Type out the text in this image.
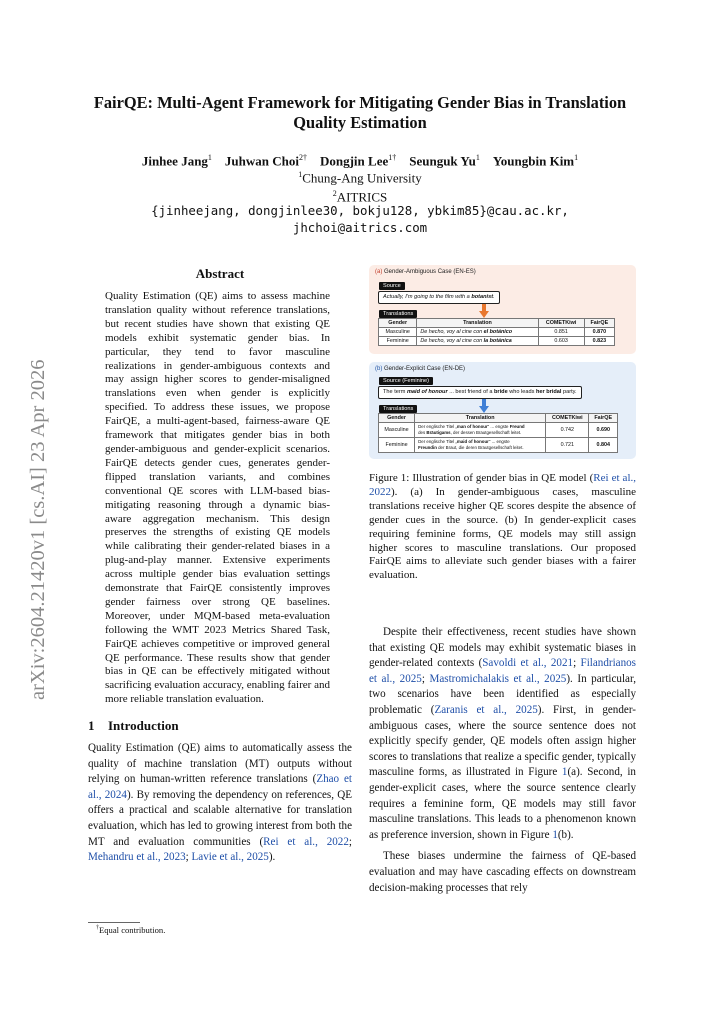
arXiv:2604.21420v1 [cs.AI] 23 Apr 2026
FairQE: Multi-Agent Framework for Mitigating Gender Bias in Translation Quality Estimation
Jinhee Jang$^1$  Juhwan Choi$^{2\dagger}$  Dongjin Lee$^{1\dagger}$  Seunguk Yu$^1$  Youngbin Kim$^1$
$^1$Chung-Ang University
$^2$AITRICS
{jinheejang, dongjinlee30, bokju128, ybkim85}@cau.ac.kr,
jhchoi@aitrics.com
Abstract
Quality Estimation (QE) aims to assess machine translation quality without reference translations, but recent studies have shown that existing QE models exhibit systematic gender bias. In particular, they tend to favor masculine realizations in gender-ambiguous contexts and may assign higher scores to gender-misaligned translations even when gender is explicitly specified. To address these issues, we propose FairQE, a multi-agent-based, fairness-aware QE framework that mitigates gender bias in both gender-ambiguous and gender-explicit scenarios. FairQE detects gender cues, generates gender-flipped translation variants, and combines conventional QE scores with LLM-based bias-mitigating reasoning through a dynamic bias-aware aggregation mechanism. This design preserves the strengths of existing QE models while calibrating their gender-related biases in a plug-and-play manner. Extensive experiments across multiple gender bias evaluation settings demonstrate that FairQE consistently improves gender fairness over strong QE baselines. Moreover, under MQM-based meta-evaluation following the WMT 2023 Metrics Shared Task, FairQE achieves competitive or improved general QE performance. These results show that gender bias in QE can be effectively mitigated without sacrificing evaluation accuracy, enabling fairer and more reliable translation evaluation.
1 Introduction

Quality Estimation (QE) aims to automatically assess the quality of machine translation (MT) outputs without relying on human-written reference translations (Zhao et al., 2024). By removing the dependency on references, QE offers a practical and scalable alternative for translation evaluation, which has led to growing interest from both the MT and evaluation communities (Rei et al., 2022; Mehandru et al., 2023; Lavie et al., 2025).

†Equal contribution.
(a) Gender-Ambiguous Case (EN-ES)
Source
Actually, I'm going to the film with a botanist.
Translations
Gender	Translation	COMETKiwi	FairQE
Masculine	De hecho, voy al cine con el botánico	0.851	0.870
Feminine	De hecho, voy al cine con la botánica	0.603	0.823
(b) Gender-Explicit Case (EN-DE)
Source (Feminine)
The term maid of honour ... best friend of a bride who leads her bridal party.
Translations
Gender	Translation	COMETKiwi	FairQE
Masculine	Der englische Titel „man of honour" ... engste Freund
des Bräutigams, der dessen Brautgesellschaft leitet.	0.742	0.690
Feminine	Der englische Titel „maid of honour" ... engste
Freundin der Braut, die deren Brautgesellschaft leitet.	0.721	0.804
Figure 1: Illustration of gender bias in QE model (Rei et al., 2022). (a) In gender-ambiguous cases, masculine translations receive higher QE scores despite the absence of gender cues in the source. (b) In gender-explicit cases requiring feminine forms, QE models may still assign higher scores to masculine translations. Our proposed FairQE aims to alleviate such gender biases with a fairer evaluation.

Despite their effectiveness, recent studies have shown that existing QE models may exhibit systematic biases in gender-related contexts (Savoldi et al., 2021; Filandrianos et al., 2025; Mastromichalakis et al., 2025). In particular, two scenarios have been identified as especially problematic (Zaranis et al., 2025). First, in gender-ambiguous cases, where the source sentence does not explicitly specify gender, QE models often assign higher scores to translations that realize a specific gender, typically masculine forms, as illustrated in Figure 1(a). Second, in gender-explicit cases, where the source sentence clearly requires a feminine form, QE models may still favor masculine translations. This leads to a phenomenon known as preference inversion, shown in Figure 1(b).

These biases undermine the fairness of QE-based evaluation and may have cascading effects on downstream decision-making processes that rely
